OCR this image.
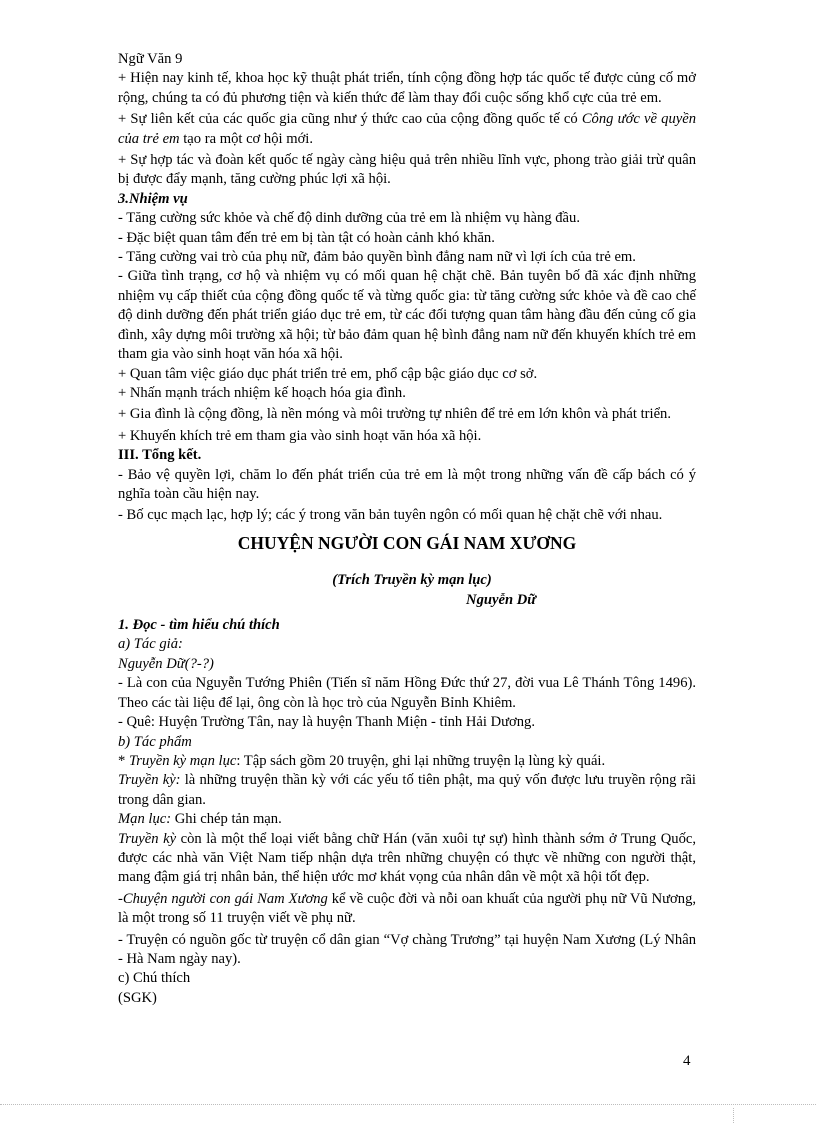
Ngữ Văn 9

+ Hiện nay kinh tế, khoa học kỹ thuật phát triển, tính cộng đồng hợp tác quốc tế được củng cố mở rộng, chúng ta có đủ phương tiện và kiến thức để làm thay đổi cuộc sống khổ cực của trẻ em.

+ Sự liên kết của các quốc gia cũng như ý thức cao của cộng đồng quốc tế có Công ước về quyền của trẻ em tạo ra một cơ hội mới.

+ Sự hợp tác và đoàn kết quốc tế ngày càng hiệu quả trên nhiều lĩnh vực, phong trào giải trừ quân bị được đẩy mạnh, tăng cường phúc lợi xã hội.

3.Nhiệm vụ

- Tăng cường sức khỏe và chế độ dinh dưỡng của trẻ em là nhiệm vụ hàng đầu.

- Đặc biệt quan tâm đến trẻ em bị tàn tật có hoàn cảnh khó khăn.

- Tăng cường vai trò của phụ nữ, đảm bảo quyền bình đẳng nam nữ vì lợi ích của trẻ em.

- Giữa tình trạng, cơ hộ và nhiệm vụ có mối quan hệ chặt chẽ. Bản tuyên bố đã xác định những nhiệm vụ cấp thiết của cộng đồng quốc tế và từng quốc gia: từ tăng cường sức khỏe và đề cao chế độ dinh dưỡng đến phát triển giáo dục trẻ em, từ các đối tượng quan tâm hàng đầu đến củng cố gia đình, xây dựng môi trường xã hội; từ bảo đảm quan hệ bình đẳng nam nữ đến khuyến khích trẻ em tham gia vào sinh hoạt văn hóa xã hội.

+ Quan tâm việc giáo dục phát triển trẻ em, phổ cập bậc giáo dục cơ sở.

+ Nhấn mạnh trách nhiệm kế hoạch hóa gia đình.

+ Gia đình là cộng đồng, là nền móng và môi trường tự nhiên để trẻ em lớn khôn và phát triển.

+ Khuyến khích trẻ em tham gia vào sinh hoạt văn hóa xã hội.

III. Tổng kết.

- Bảo vệ quyền lợi, chăm lo đến phát triển của trẻ em là một trong những vấn đề cấp bách có ý nghĩa toàn cầu hiện nay.

- Bố cục mạch lạc, hợp lý; các ý trong văn bản tuyên ngôn có mối quan hệ chặt chẽ với nhau.

CHUYỆN NGƯỜI CON GÁI NAM XƯƠNG

(Trích Truyền kỳ mạn lục)

Nguyễn Dữ

1. Đọc - tìm hiểu chú thích

a) Tác giả:

Nguyễn Dữ(?-?)

- Là con của Nguyễn Tướng Phiên (Tiến sĩ năm Hồng Đức thứ 27, đời vua Lê Thánh Tông 1496). Theo các tài liệu để lại, ông còn là học trò của Nguyễn Bỉnh Khiêm.

- Quê: Huyện Trường Tân, nay là huyện Thanh Miện - tỉnh Hải Dương.

b) Tác phẩm

* Truyền kỳ mạn lục: Tập sách gồm 20 truyện, ghi lại những truyện lạ lùng kỳ quái.

Truyền kỳ: là những truyện thần kỳ với các yếu tố tiên phật, ma quỷ vốn được lưu truyền rộng rãi trong dân gian.

Mạn lục: Ghi chép tản mạn.

Truyền kỳ còn là một thể loại viết bằng chữ Hán (văn xuôi tự sự) hình thành sớm ở Trung Quốc, được các nhà văn Việt Nam tiếp nhận dựa trên những chuyện có thực về những con người thật, mang đậm giá trị nhân bản, thể hiện ước mơ khát vọng của nhân dân về một xã hội tốt đẹp.

-Chuyện người con gái Nam Xương kể về cuộc đời và nỗi oan khuất của người phụ nữ Vũ Nương, là một trong số 11 truyện viết về phụ nữ.

- Truyện có nguồn gốc từ truyện cổ dân gian “Vợ chàng Trương” tại huyện Nam Xương (Lý Nhân - Hà Nam ngày nay).

c) Chú thích

(SGK)

4
